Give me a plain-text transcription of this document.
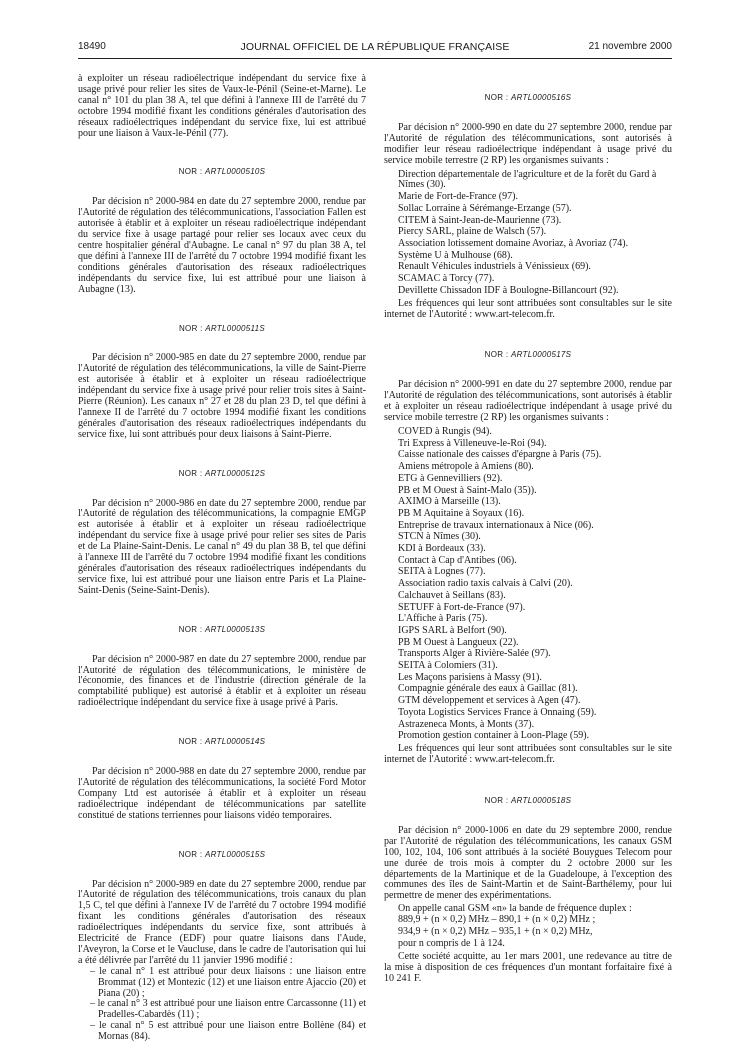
18490	JOURNAL OFFICIEL DE LA RÉPUBLIQUE FRANÇAISE	21 novembre 2000

à exploiter un réseau radioélectrique indépendant du service fixe à usage privé pour relier les sites de Vaux-le-Pénil (Seine-et-Marne). Le canal n° 101 du plan 38 A, tel que défini à l'annexe III de l'arrêté du 7 octobre 1994 modifié fixant les conditions générales d'autorisation des réseaux radioélectriques indépendant du service fixe, lui est attribué pour une liaison à Vaux-le-Pénil (77).

NOR : ARTL0000510S

Par décision n° 2000-984 en date du 27 septembre 2000, rendue par l'Autorité de régulation des télécommunications, l'association Fallen est autorisée à établir et à exploiter un réseau radioélectrique indépendant du service fixe à usage partagé pour relier ses locaux avec ceux du centre hospitalier général d'Aubagne. Le canal n° 97 du plan 38 A, tel que défini à l'annexe III de l'arrêté du 7 octobre 1994 modifié fixant les conditions générales d'autorisation des réseaux radioélectriques indépendants du service fixe, lui est attribué pour une liaison à Aubagne (13).

NOR : ARTL0000511S

Par décision n° 2000-985 en date du 27 septembre 2000, rendue par l'Autorité de régulation des télécommunications, la ville de Saint-Pierre est autorisée à établir et à exploiter un réseau radioélectrique indépendant du service fixe à usage privé pour relier trois sites à Saint-Pierre (Réunion). Les canaux n° 27 et 28 du plan 23 D, tel que défini à l'annexe II de l'arrêté du 7 octobre 1994 modifié fixant les conditions générales d'autorisation des réseaux radioélectriques indépendants du service fixe, lui sont attribués pour deux liaisons à Saint-Pierre.

NOR : ARTL0000512S

Par décision n° 2000-986 en date du 27 septembre 2000, rendue par l'Autorité de régulation des télécommunications, la compagnie EMGP est autorisée à établir et à exploiter un réseau radioélectrique indépendant du service fixe à usage privé pour relier ses sites de Paris et de La Plaine-Saint-Denis. Le canal n° 49 du plan 38 B, tel que défini à l'annexe III de l'arrêté du 7 octobre 1994 modifié fixant les conditions générales d'autorisation des réseaux radioélectriques indépendants du service fixe, lui est attribué pour une liaison entre Paris et La Plaine-Saint-Denis (Seine-Saint-Denis).

NOR : ARTL0000513S

Par décision n° 2000-987 en date du 27 septembre 2000, rendue par l'Autorité de régulation des télécommunications, le ministère de l'économie, des finances et de l'industrie (direction générale de la comptabilité publique) est autorisé à établir et à exploiter un réseau radioélectrique indépendant du service fixe à usage privé à Paris.

NOR : ARTL0000514S

Par décision n° 2000-988 en date du 27 septembre 2000, rendue par l'Autorité de régulation des télécommunications, la société Ford Motor Company Ltd est autorisée à établir et à exploiter un réseau radioélectrique indépendant de télécommunications par satellite constitué de stations terriennes pour liaisons vidéo temporaires.

NOR : ARTL0000515S

Par décision n° 2000-989 en date du 27 septembre 2000, rendue par l'Autorité de régulation des télécommunications, trois canaux du plan 1,5 C, tel que défini à l'annexe IV de l'arrêté du 7 octobre 1994 modifié fixant les conditions générales d'autorisation des réseaux radioélectriques indépendants du service fixe, sont attribués à Electricité de France (EDF) pour quatre liaisons dans l'Aude, l'Aveyron, la Corse et le Vaucluse, dans le cadre de l'autorisation qui lui a été délivrée par l'arrêté du 11 janvier 1996 modifié :

– le canal n° 1 est attribué pour deux liaisons : une liaison entre Brommat (12) et Montezic (12) et une liaison entre Ajaccio (20) et Piana (20) ;

– le canal n° 3 est attribué pour une liaison entre Carcassonne (11) et Pradelles-Cabardès (11) ;

– le canal n° 5 est attribué pour une liaison entre Bollène (84) et Mornas (84).

NOR : ARTL0000516S

Par décision n° 2000-990 en date du 27 septembre 2000, rendue par l'Autorité de régulation des télécommunications, sont autorisés à modifier leur réseau radioélectrique indépendant à usage privé du service mobile terrestre (2 RP) les organismes suivants :

Direction départementale de l'agriculture et de la forêt du Gard à Nîmes (30).

Marie de Fort-de-France (97).

Sollac Lorraine à Sérémange-Erzange (57).

CITEM à Saint-Jean-de-Maurienne (73).

Piercy SARL, plaine de Walsch (57).

Association lotissement domaine Avoriaz, à Avoriaz (74).

Système U à Mulhouse (68).

Renault Véhicules industriels à Vénissieux (69).

SCAMAC à Torcy (77).

Devillette Chissadon IDF à Boulogne-Billancourt (92).

Les fréquences qui leur sont attribuées sont consultables sur le site internet de l'Autorité : www.art-telecom.fr.

NOR : ARTL0000517S

Par décision n° 2000-991 en date du 27 septembre 2000, rendue par l'Autorité de régulation des télécommunications, sont autorisés à établir et à exploiter un réseau radioélectrique indépendant à usage privé du service mobile terrestre (2 RP) les organismes suivants :

COVED à Rungis (94).

Tri Express à Villeneuve-le-Roi (94).

Caisse nationale des caisses d'épargne à Paris (75).

Amiens métropole à Amiens (80).

ETG à Gennevilliers (92).

PB et M Ouest à Saint-Malo (35)).

AXIMO à Marseille (13).

PB M Aquitaine à Soyaux (16).

Entreprise de travaux internationaux à Nice (06).

STCN à Nîmes (30).

KDI à Bordeaux (33).

Contact à Cap d'Antibes (06).

SEITA à Lognes (77).

Association radio taxis calvais à Calvi (20).

Calchauvet à Seillans (83).

SETUFF à Fort-de-France (97).

L'Affiche à Paris (75).

IGPS SARL à Belfort (90).

PB M Ouest à Langueux (22).

Transports Alger à Rivière-Salée (97).

SEITA à Colomiers (31).

Les Maçons parisiens à Massy (91).

Compagnie générale des eaux à Gaillac (81).

GTM développement et services à Agen (47).

Toyota Logistics Services France à Onnaing (59).

Astrazeneca Monts, à Monts (37).

Promotion gestion container à Loon-Plage (59).

Les fréquences qui leur sont attribuées sont consultables sur le site internet de l'Autorité : www.art-telecom.fr.

NOR : ARTL0000518S

Par décision n° 2000-1006 en date du 29 septembre 2000, rendue par l'Autorité de régulation des télécommunications, les canaux GSM 100, 102, 104, 106 sont attribués à la société Bouygues Telecom pour une durée de trois mois à compter du 2 octobre 2000 sur les départements de la Martinique et de la Guadeloupe, à l'exception des communes des îles de Saint-Martin et de Saint-Barthélemy, pour lui permettre de mener des expérimentations.

On appelle canal GSM «n» la bande de fréquence duplex :

889,9 + (n × 0,2) MHz – 890,1 + (n × 0,2) MHz ;

934,9 + (n × 0,2) MHz – 935,1 + (n × 0,2) MHz,

pour n compris de 1 à 124.

Cette société acquitte, au 1er mars 2001, une redevance au titre de la mise à disposition de ces fréquences d'un montant forfaitaire fixé à 10 241 F.
